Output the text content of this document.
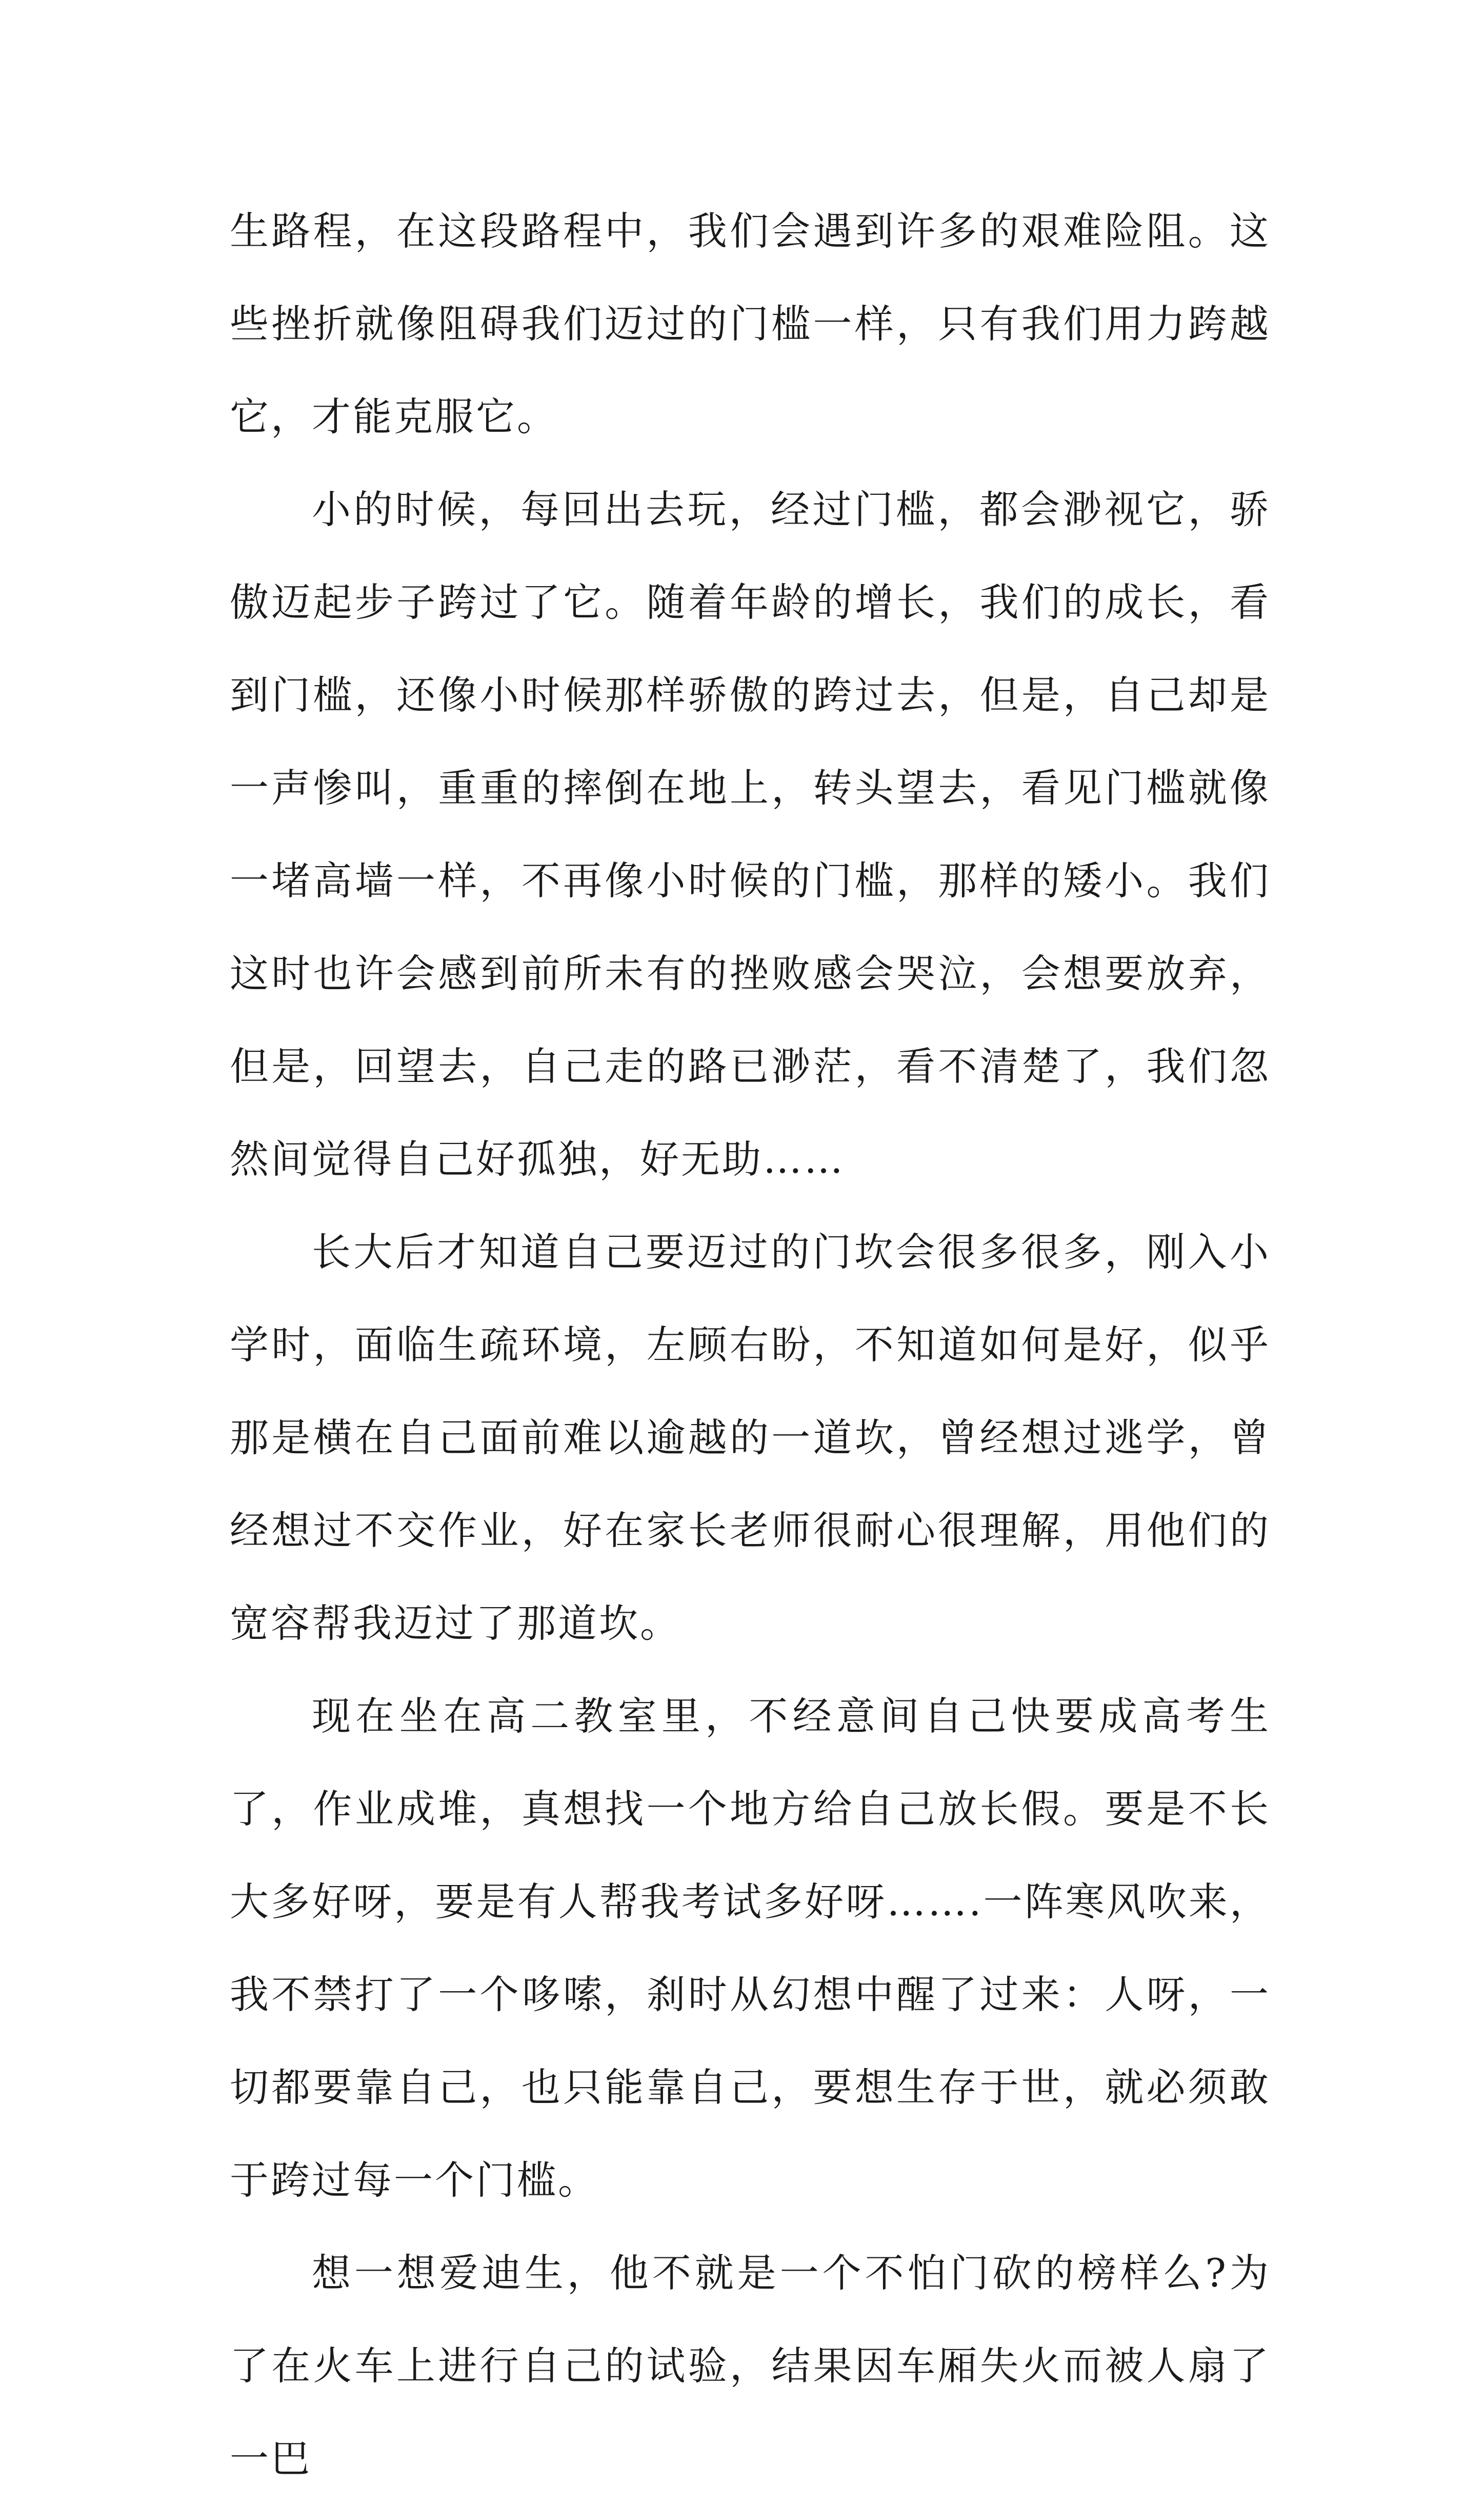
生路程，在这段路程中，我们会遇到许多的艰难险阻。这些挫折就像阻碍我们迈过的门槛一样，只有我们用力跨越它，才能克服它。

小的时候，每回出去玩，经过门槛，都会渺视它，骄傲迈起步子跨过了它。随着年龄的增长，我们的成长，看到门槛，还像小时候那样骄傲的跨过去，但是，自己却是一声惨叫，重重的摔倒在地上，转头望去，看见门槛就像一堵高墙一样，不再像小时候的门槛，那样的矮小。我们这时也许会感到前所未有的挫败感会哭泣，会想要放弃，但是，回望去，自己走的路已渺茫，看不清楚了，我们忽然间觉得自己好孤独，好无助……

长大后才知道自己要迈过的门坎会很多很多，刚入小学时，面临生疏环境，左顾右盼，不知道如何是好，似乎那是横在自己面前难以逾越的一道坎，曾经想过逃学，曾经想过不交作业，好在家长老师很耐心很理解，用他们的宽容帮我迈过了那道坎。

现在坐在高二教室里，不经意间自己快要成高考生了，作业成堆，真想找一个地方给自己放长假。要是不长大多好呀，要是有人帮我考试多好呀…….一阵寒风吹来，我不禁打了一个哆嗦，刹时从幻想中醒了过来：人呀，一切都要靠自己，也只能靠自己，要想生存于世，就必须敢于跨过每一个门槛。

想一想爱迪生，他不就是一个不怕门砍的榜样么?为了在火车上进行自己的试验，结果因车厢失火而被人扇了一巴
